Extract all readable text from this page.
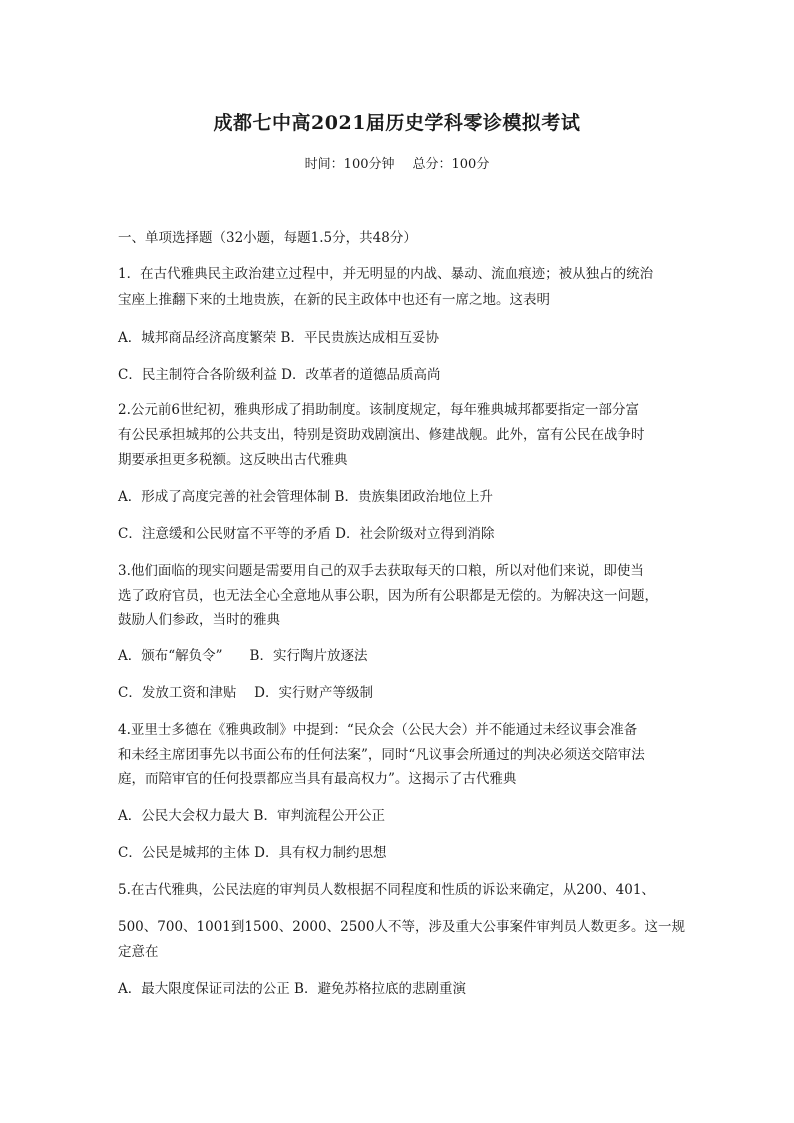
成都七中高2021届历史学科零诊模拟考试
时间：100分钟 总分：100分
一、单项选择题（32小题，每题1.5分，共48分）
1．在古代雅典民主政治建立过程中，并无明显的内战、暴动、流血痕迹；被从独占的统治
宝座上推翻下来的土地贵族，在新的民主政体中也还有一席之地。这表明
A．城邦商品经济高度繁荣 B．平民贵族达成相互妥协
C．民主制符合各阶级利益 D．改革者的道德品质高尚
2.公元前6世纪初，雅典形成了捐助制度。该制度规定，每年雅典城邦都要指定一部分富
有公民承担城邦的公共支出，特别是资助戏剧演出、修建战舰。此外，富有公民在战争时
期要承担更多税额。这反映出古代雅典
A．形成了高度完善的社会管理体制 B．贵族集团政治地位上升
C．注意缓和公民财富不平等的矛盾 D．社会阶级对立得到消除
3.他们面临的现实问题是需要用自己的双手去获取每天的口粮，所以对他们来说，即使当
选了政府官员，也无法全心全意地从事公职，因为所有公职都是无偿的。为解决这一问题，
鼓励人们参政，当时的雅典
A．颁布“解负令”　　B．实行陶片放逐法
C．发放工资和津贴　 D．实行财产等级制
4.亚里士多德在《雅典政制》中提到：“民众会（公民大会）并不能通过未经议事会准备
和未经主席团事先以书面公布的任何法案”，同时“凡议事会所通过的判决必须送交陪审法
庭，而陪审官的任何投票都应当具有最高权力”。这揭示了古代雅典
A．公民大会权力最大 B．审判流程公开公正
C．公民是城邦的主体 D．具有权力制约思想
5.在古代雅典，公民法庭的审判员人数根据不同程度和性质的诉讼来确定，从200、401、
500、700、1001到1500、2000、2500人不等，涉及重大公事案件审判员人数更多。这一规
定意在
A．最大限度保证司法的公正 B．避免苏格拉底的悲剧重演
